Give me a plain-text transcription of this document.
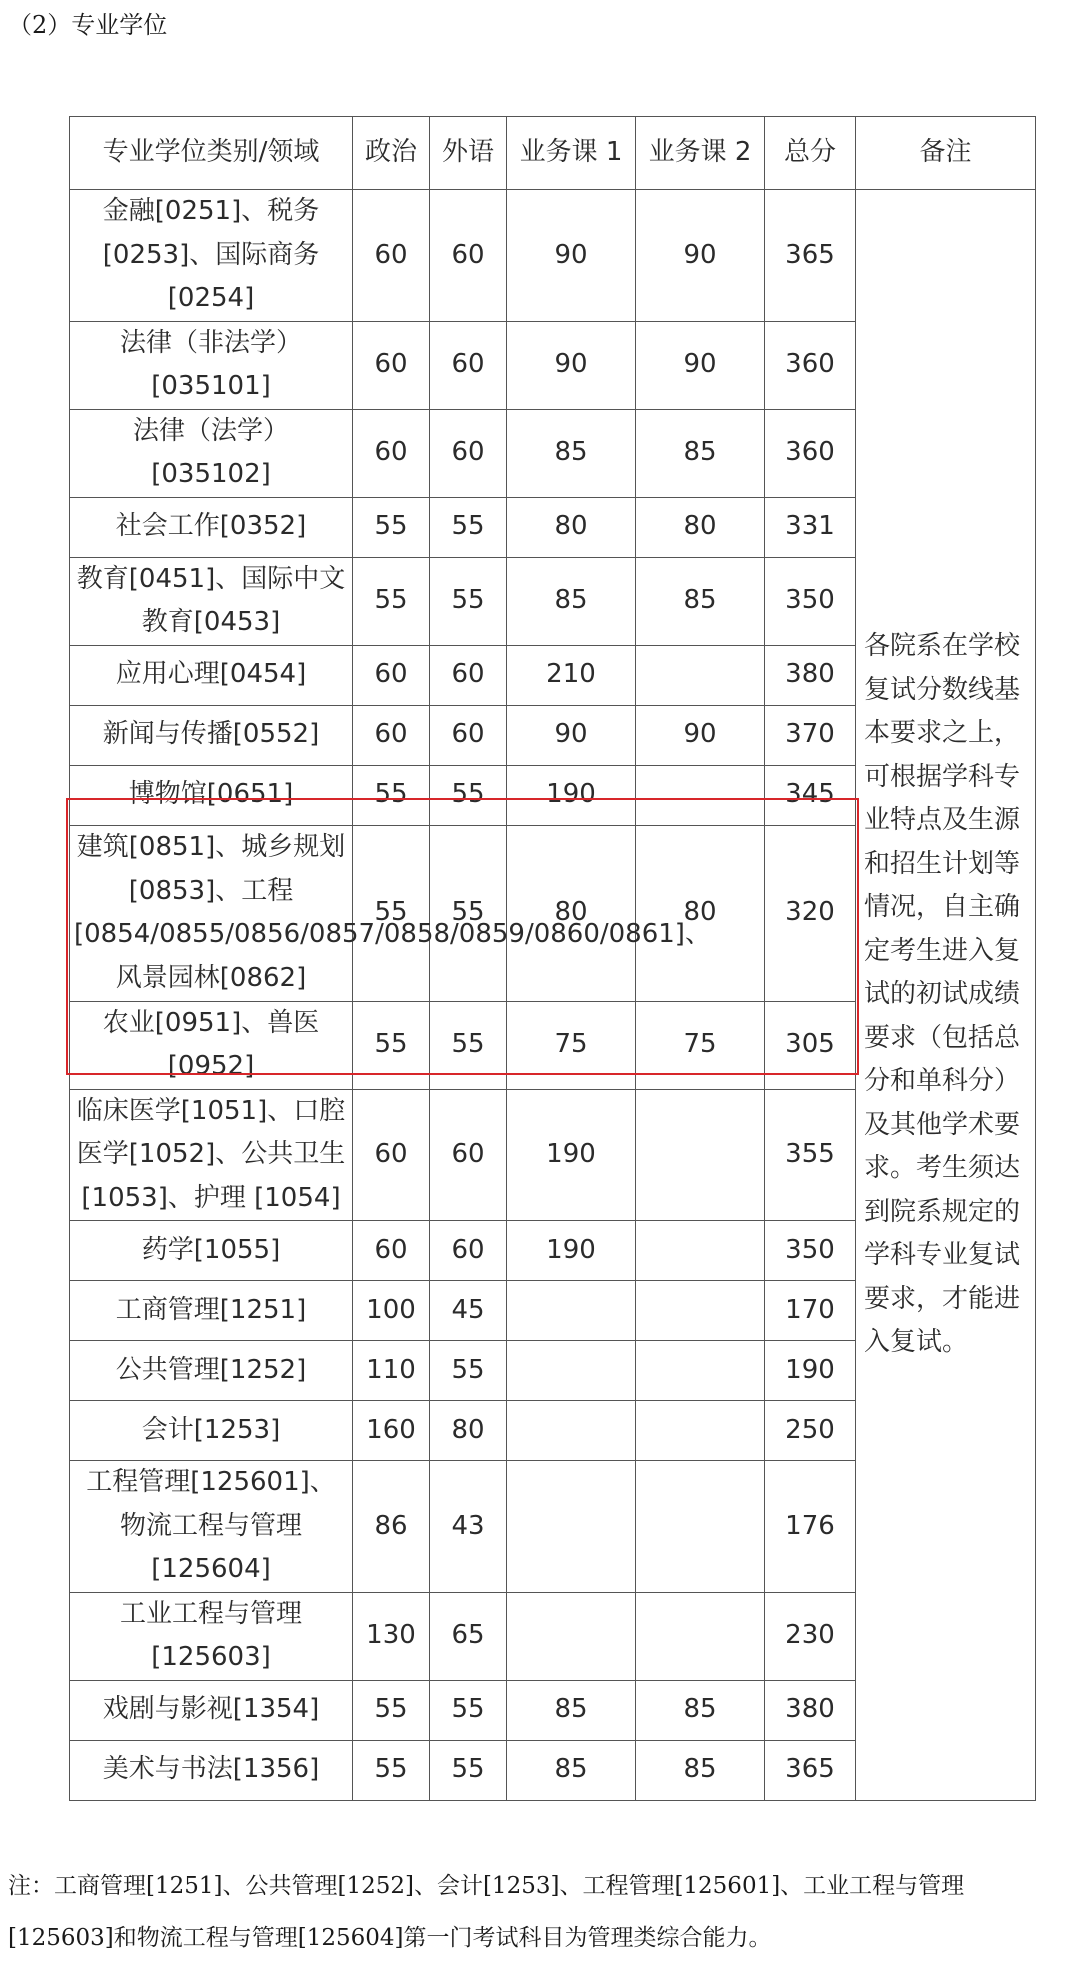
（2）专业学位
专业学位类别/领域	政治	外语	业务课 1	业务课 2	总分	备注
金融[0251]、税务[0253]、国际商务[0254]	60	60	90	90	365	各院系在学校复试分数线基本要求之上，可根据学科专业特点及生源和招生计划等情况，自主确定考生进入复试的初试成绩要求（包括总分和单科分）及其他学术要求。考生须达到院系规定的学科专业复试要求，才能进入复试。
法律（非法学）[035101]	60	60	90	90	360	
法律（法学）[035102]	60	60	85	85	360	
社会工作[0352]	55	55	80	80	331	
教育[0451]、国际中文教育[0453]	55	55	85	85	350	
应用心理[0454]	60	60	210		380	
新闻与传播[0552]	60	60	90	90	370	
博物馆[0651]	55	55	190		345	
建筑[0851]、城乡规划[0853]、工程[0854/0855/0856/0857/0858/0859/0860/0861]、风景园林[0862]	55	55	80	80	320	
农业[0951]、兽医[0952]	55	55	75	75	305	
临床医学[1051]、口腔医学[1052]、公共卫生[1053]、护理 [1054]	60	60	190		355	
药学[1055]	60	60	190		350	
工商管理[1251]	100	45			170	
公共管理[1252]	110	55			190	
会计[1253]	160	80			250	
工程管理[125601]、物流工程与管理[125604]	86	43			176	
工业工程与管理[125603]	130	65			230	
戏剧与影视[1354]	55	55	85	85	380	
美术与书法[1356]	55	55	85	85	365	
注：工商管理[1251]、公共管理[1252]、会计[1253]、工程管理[125601]、工业工程与管理
[125603]和物流工程与管理[125604]第一门考试科目为管理类综合能力。
